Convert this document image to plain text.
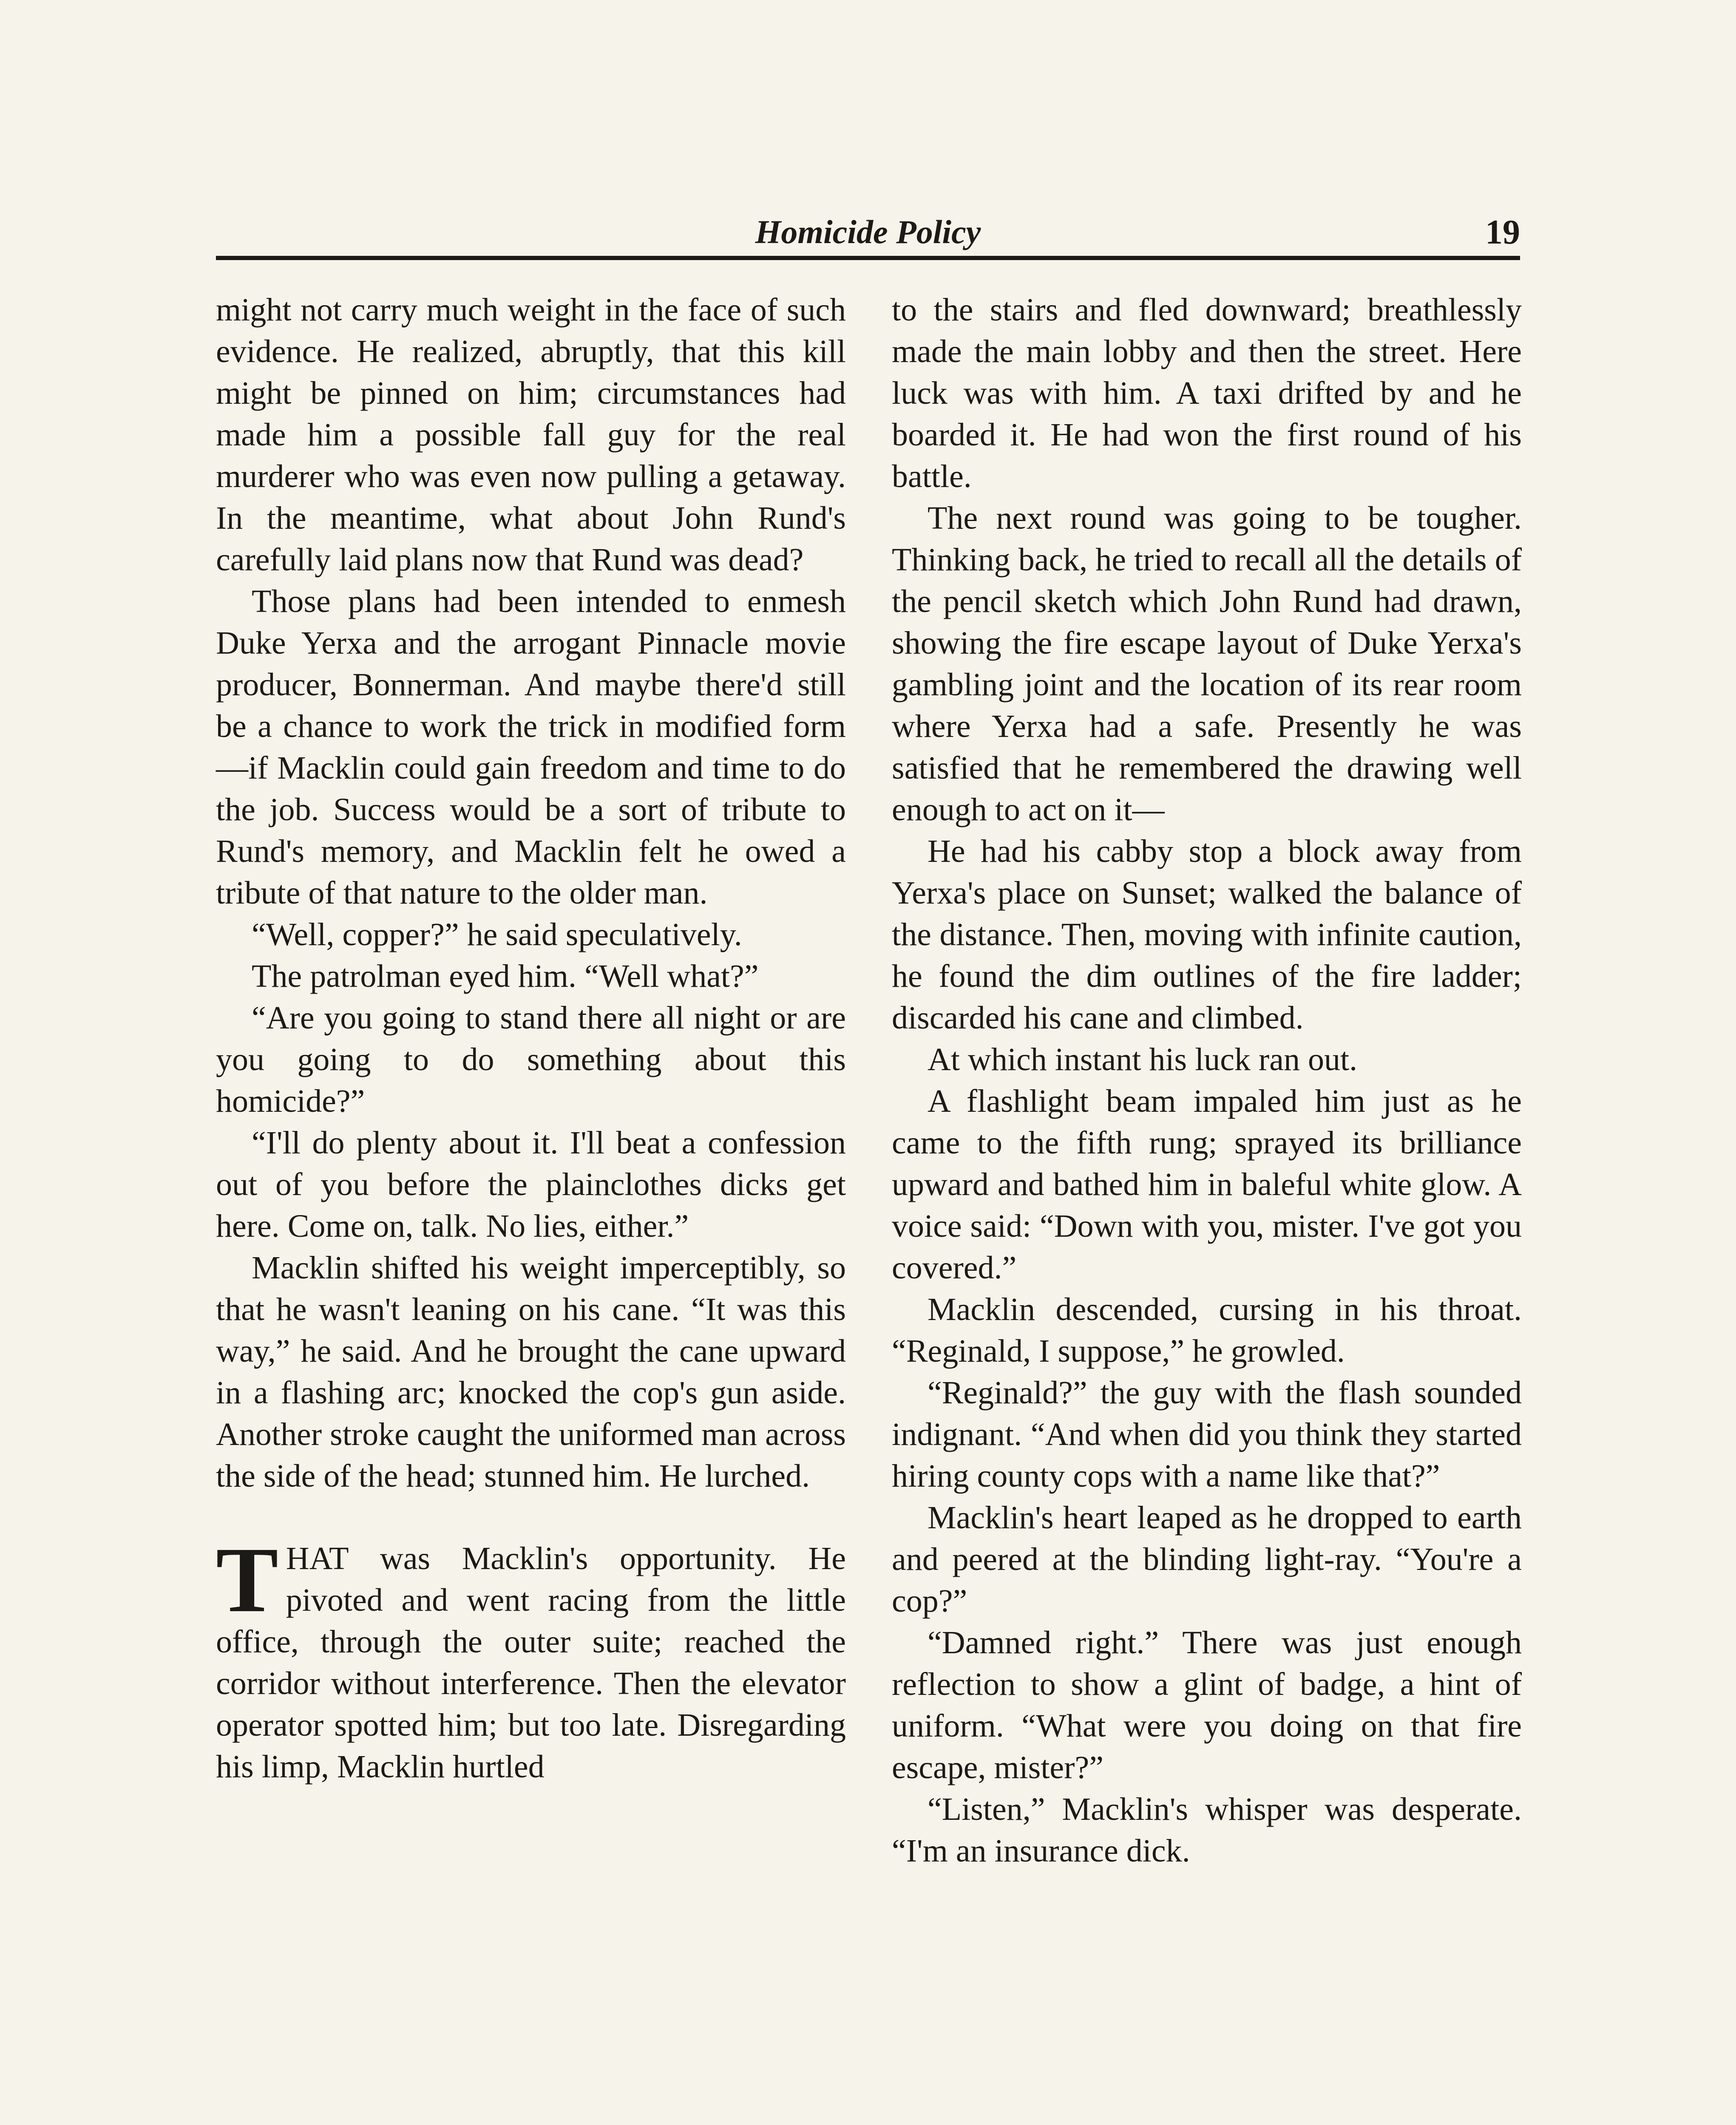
Homicide Policy	19

might not carry much weight in the face of such evidence. He realized, abruptly, that this kill might be pinned on him; circumstances had made him a possible fall guy for the real murderer who was even now pulling a getaway. In the meantime, what about John Rund's carefully laid plans now that Rund was dead?

Those plans had been intended to enmesh Duke Yerxa and the arrogant Pinnacle movie producer, Bonnerman. And maybe there'd still be a chance to work the trick in modified form—if Macklin could gain freedom and time to do the job. Success would be a sort of tribute to Rund's memory, and Macklin felt he owed a tribute of that nature to the older man.

“Well, copper?” he said speculatively.

The patrolman eyed him. “Well what?”

“Are you going to stand there all night or are you going to do something about this homicide?”

“I'll do plenty about it. I'll beat a confession out of you before the plainclothes dicks get here. Come on, talk. No lies, either.”

Macklin shifted his weight imperceptibly, so that he wasn't leaning on his cane. “It was this way,” he said. And he brought the cane upward in a flashing arc; knocked the cop's gun aside. Another stroke caught the uniformed man across the side of the head; stunned him. He lurched.

THAT was Macklin's opportunity. He pivoted and went racing from the little office, through the outer suite; reached the corridor without interference. Then the elevator operator spotted him; but too late. Disregarding his limp, Macklin hurtled

to the stairs and fled downward; breathlessly made the main lobby and then the street. Here luck was with him. A taxi drifted by and he boarded it. He had won the first round of his battle.

The next round was going to be tougher. Thinking back, he tried to recall all the details of the pencil sketch which John Rund had drawn, showing the fire escape layout of Duke Yerxa's gambling joint and the location of its rear room where Yerxa had a safe. Presently he was satisfied that he remembered the drawing well enough to act on it—

He had his cabby stop a block away from Yerxa's place on Sunset; walked the balance of the distance. Then, moving with infinite caution, he found the dim outlines of the fire ladder; discarded his cane and climbed.

At which instant his luck ran out.

A flashlight beam impaled him just as he came to the fifth rung; sprayed its brilliance upward and bathed him in baleful white glow. A voice said: “Down with you, mister. I've got you covered.”

Macklin descended, cursing in his throat. “Reginald, I suppose,” he growled.

“Reginald?” the guy with the flash sounded indignant. “And when did you think they started hiring county cops with a name like that?”

Macklin's heart leaped as he dropped to earth and peered at the blinding light-ray. “You're a cop?”

“Damned right.” There was just enough reflection to show a glint of badge, a hint of uniform. “What were you doing on that fire escape, mister?”

“Listen,” Macklin's whisper was desperate. “I'm an insurance dick.
